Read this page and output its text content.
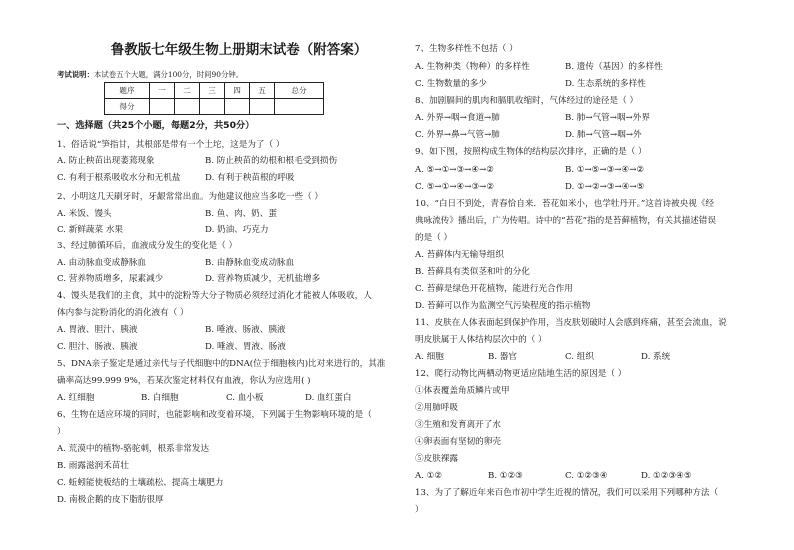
鲁教版七年级生物上册期末试卷（附答案）
考试说明：本试卷五个大题，满分100分，时间90分钟。
题序	一	二	三	四	五	总分
得分						
一、选择题（共25个小题，每题2分，共50分）
1、俗话说“笋指甘，其根部是带有一个土坨，这是为了（ ）
A. 防止秧苗出现萎蔫现象	B. 防止秧苗的幼根和根毛受到损伤
C. 有利于根系吸收水分和无机盐	D. 有利于秧苗根的呼吸
2、小明这几天刷牙时，牙龈常常出血。为他建议他应当多吃一些（ ）
A. 米饭、馒头	B. 鱼、肉、奶、蛋
C. 新鲜蔬菜 水果	D. 奶油、巧克力
3、经过肺循环后，血液成分发生的变化是（ ）
A. 由动脉血变成静脉血	B. 由静脉血变成动脉血
C. 营养物质增多，尿素减少	D. 营养物质减少，无机盐增多
4、馒头是我们的主食，其中的淀粉等大分子物质必须经过消化才能被人体吸收，人
体内参与淀粉消化的消化液有（ ）
A. 胃液、胆汁、胰液	B. 唾液、肠液、胰液
C. 胆汁、肠液、胰液	D. 唾液、胃液、肠液
5、DNA亲子鉴定是通过亲代与子代细胞中的DNA(位于细胞核内)比对来进行的，其准
确率高达99.999 9%，若某次鉴定材料仅有血液，你认为应选用( )
A. 红细胞	B. 白细胞	C. 血小板	D. 血红蛋白
6、生物在适应环境的同时，也能影响和改变着环境，下列属于生物影响环境的是（
）
A. 荒漠中的植物-骆驼刺，根系非常发达
B. 雨露滋润禾苗壮
C. 蚯蚓能使板结的土壤疏松、提高土壤肥力
D. 南极企鹅的皮下脂肪很厚
7、生物多样性不包括（ ）
A. 生物种类（物种）的多样性	B. 遗传（基因）的多样性
C. 生物数量的多少	D. 生态系统的多样性
8、加剧膈间的肌肉和膈肌收缩时，气体经过的途径是（ ）
A. 外界→咽→食道→肺	B. 肺→气管→咽→外界
C. 外界→鼻→气管→肺	D. 肺→气管→咽→外
9、如下图，按照构成生物体的结构层次排序，正确的是（ ）
A. ⑤→①→③→④→②	B. ①→⑤→③→④→②
C. ⑤→①→④→③→②	D. ①→②→③→④→⑤
10、“白日不到处，青春恰自来．苔花如米小，也学牡丹开。”这首诗被央视《经
典咏流传》播出后，广为传唱。诗中的“苔花”指的是苔藓植物，有关其描述错误
的是（ ）
A. 苔藓体内无输导组织
B. 苔藓具有类似茎和叶的分化
C. 苔藓是绿色开花植物，能进行光合作用
D. 苔藓可以作为监测空气污染程度的指示植物
11、皮肤在人体表面起到保护作用，当皮肤划破时人会感到疼痛，甚至会流血，说
明皮肤属于人体结构层次中的（ ）
A. 细胞	B. 器官	C. 组织	D. 系统
12、爬行动物比两栖动物更适应陆地生活的原因是（ ）
①体表覆盖角质鳞片或甲
②用肺呼吸
③生殖和发育离开了水
④卵表面有坚韧的卵壳
⑤皮肤裸露
A. ①②	B. ①②③	C. ①②③④	D. ①②③④⑤
13、为了了解近年来百色市初中学生近视的情况，我们可以采用下列哪种方法（
）
